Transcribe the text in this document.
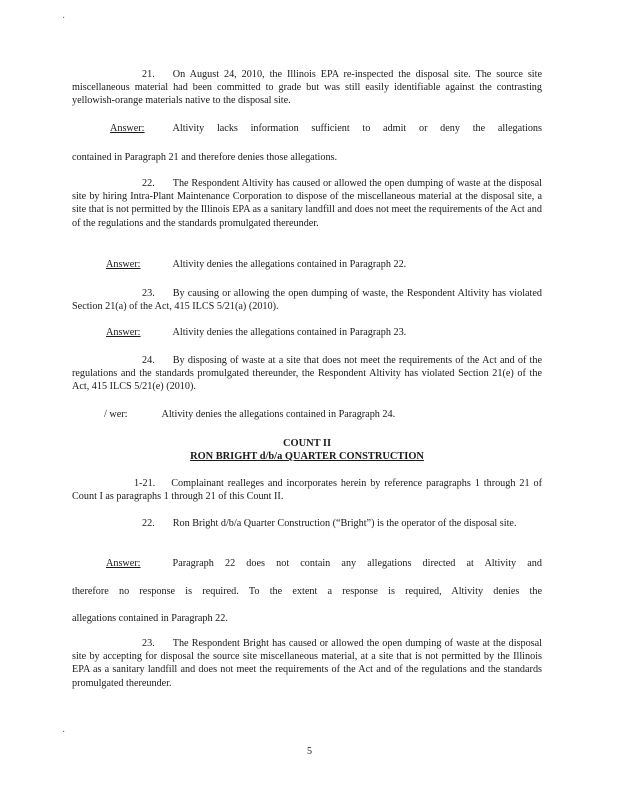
·
·
21. On August 24, 2010, the Illinois EPA re-inspected the disposal site. The source site miscellaneous material had been committed to grade but was still easily identifiable against the contrasting yellowish-orange materials native to the disposal site.
Answer:	Altivity lacks information sufficient to admit or deny the allegations
contained in Paragraph 21 and therefore denies those allegations.
22. The Respondent Altivity has caused or allowed the open dumping of waste at the disposal site by hiring Intra-Plant Maintenance Corporation to dispose of the miscellaneous material at the disposal site, a site that is not permitted by the Illinois EPA as a sanitary landfill and does not meet the requirements of the Act and of the regulations and the standards promulgated thereunder.
Answer:	Altivity denies the allegations contained in Paragraph 22.
23. By causing or allowing the open dumping of waste, the Respondent Altivity has violated Section 21(a) of the Act, 415 ILCS 5/21(a) (2010).
Answer:	Altivity denies the allegations contained in Paragraph 23.
24. By disposing of waste at a site that does not meet the requirements of the Act and of the regulations and the standards promulgated thereunder, the Respondent Altivity has violated Section 21(e) of the Act, 415 ILCS 5/21(e) (2010).
/ wer:	Altivity denies the allegations contained in Paragraph 24.
COUNT II
RON BRIGHT d/b/a QUARTER CONSTRUCTION
1-21. Complainant realleges and incorporates herein by reference paragraphs 1 through 21 of Count I as paragraphs 1 through 21 of this Count II.
22. Ron Bright d/b/a Quarter Construction (“Bright”) is the operator of the disposal site.
Answer:	Paragraph 22 does not contain any allegations directed at Altivity and
therefore no response is required. To the extent a response is required, Altivity denies the
allegations contained in Paragraph 22.
23. The Respondent Bright has caused or allowed the open dumping of waste at the disposal site by accepting for disposal the source site miscellaneous material, at a site that is not permitted by the Illinois EPA as a sanitary landfill and does not meet the requirements of the Act and of the regulations and the standards promulgated thereunder.
5
